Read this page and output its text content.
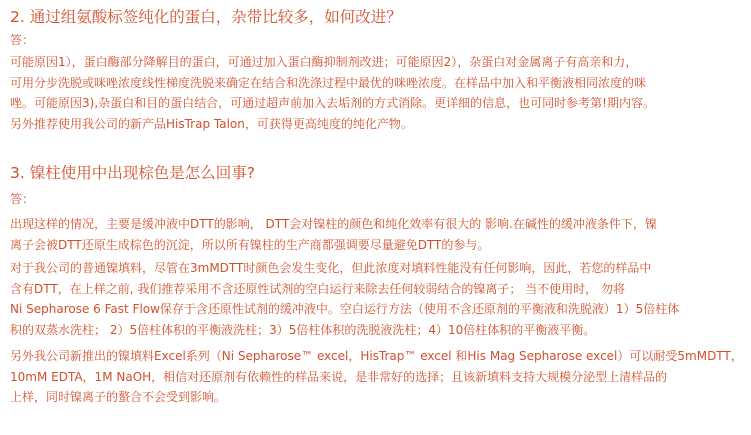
2. 通过组氨酸标签纯化的蛋白，杂带比较多，如何改进？
答：
可能原因1），蛋白酶部分降解目的蛋白，可通过加入蛋白酶抑制剂改进；可能原因2），杂蛋白对金属离子有高亲和力，
可用分步洗脱或咪唑浓度线性梯度洗脱来确定在结合和洗涤过程中最优的咪唑浓度。在样品中加入和平衡液相同浓度的咪
唑。可能原因3),杂蛋白和目的蛋白结合，可通过超声前加入去垢剂的方式消除。更详细的信息，也可同时参考第!期内容。
另外推荐使用我公司的新产品HisTrap Talon，可获得更高纯度的纯化产物。
3. 镍柱使用中出现棕色是怎么回事?
答：
出现这样的情况，主要是缓冲液中DTT的影响， DTT会对镍柱的颜色和纯化效率有很大的 影响.在碱性的缓冲液条件下，镍
离子会被DTT还原生成棕色的沉淀，所以所有镍柱的生产商都强调要尽量避免DTT的参与。
对于我公司的普通镍填料，尽管在3mMDTT时颜色会发生变化，但此浓度对填料性能没有任何影响，因此，若您的样品中
含有DTT，在上样之前, 我们推荐采用不含还原性试剂的空白运行来除去任何较弱结合的镍离子； 当不使用时， 勿将
Ni Sepharose 6 Fast Flow保存于含还原性试剂的缓冲液中。空白运行方法（使用不含还原剂的平衡液和洗脱液）1）5倍柱体
积的双蒸水洗柱； 2）5倍柱体积的平衡液洗柱；3）5倍柱体积的洗脱液洗柱；4）10倍柱体积的平衡液平衡。
另外我公司新推出的镍填料Excel系列（Ni Sepharose™ excel，HisTrap™ excel 和His Mag Sepharose excel）可以耐受5mMDTT，
10mM EDTA，1M NaOH，相信对还原剂有依赖性的样品来说，是非常好的选择；且该新填料支持大规模分泌型上清样品的
上样，同时镍离子的螯合不会受到影响。
